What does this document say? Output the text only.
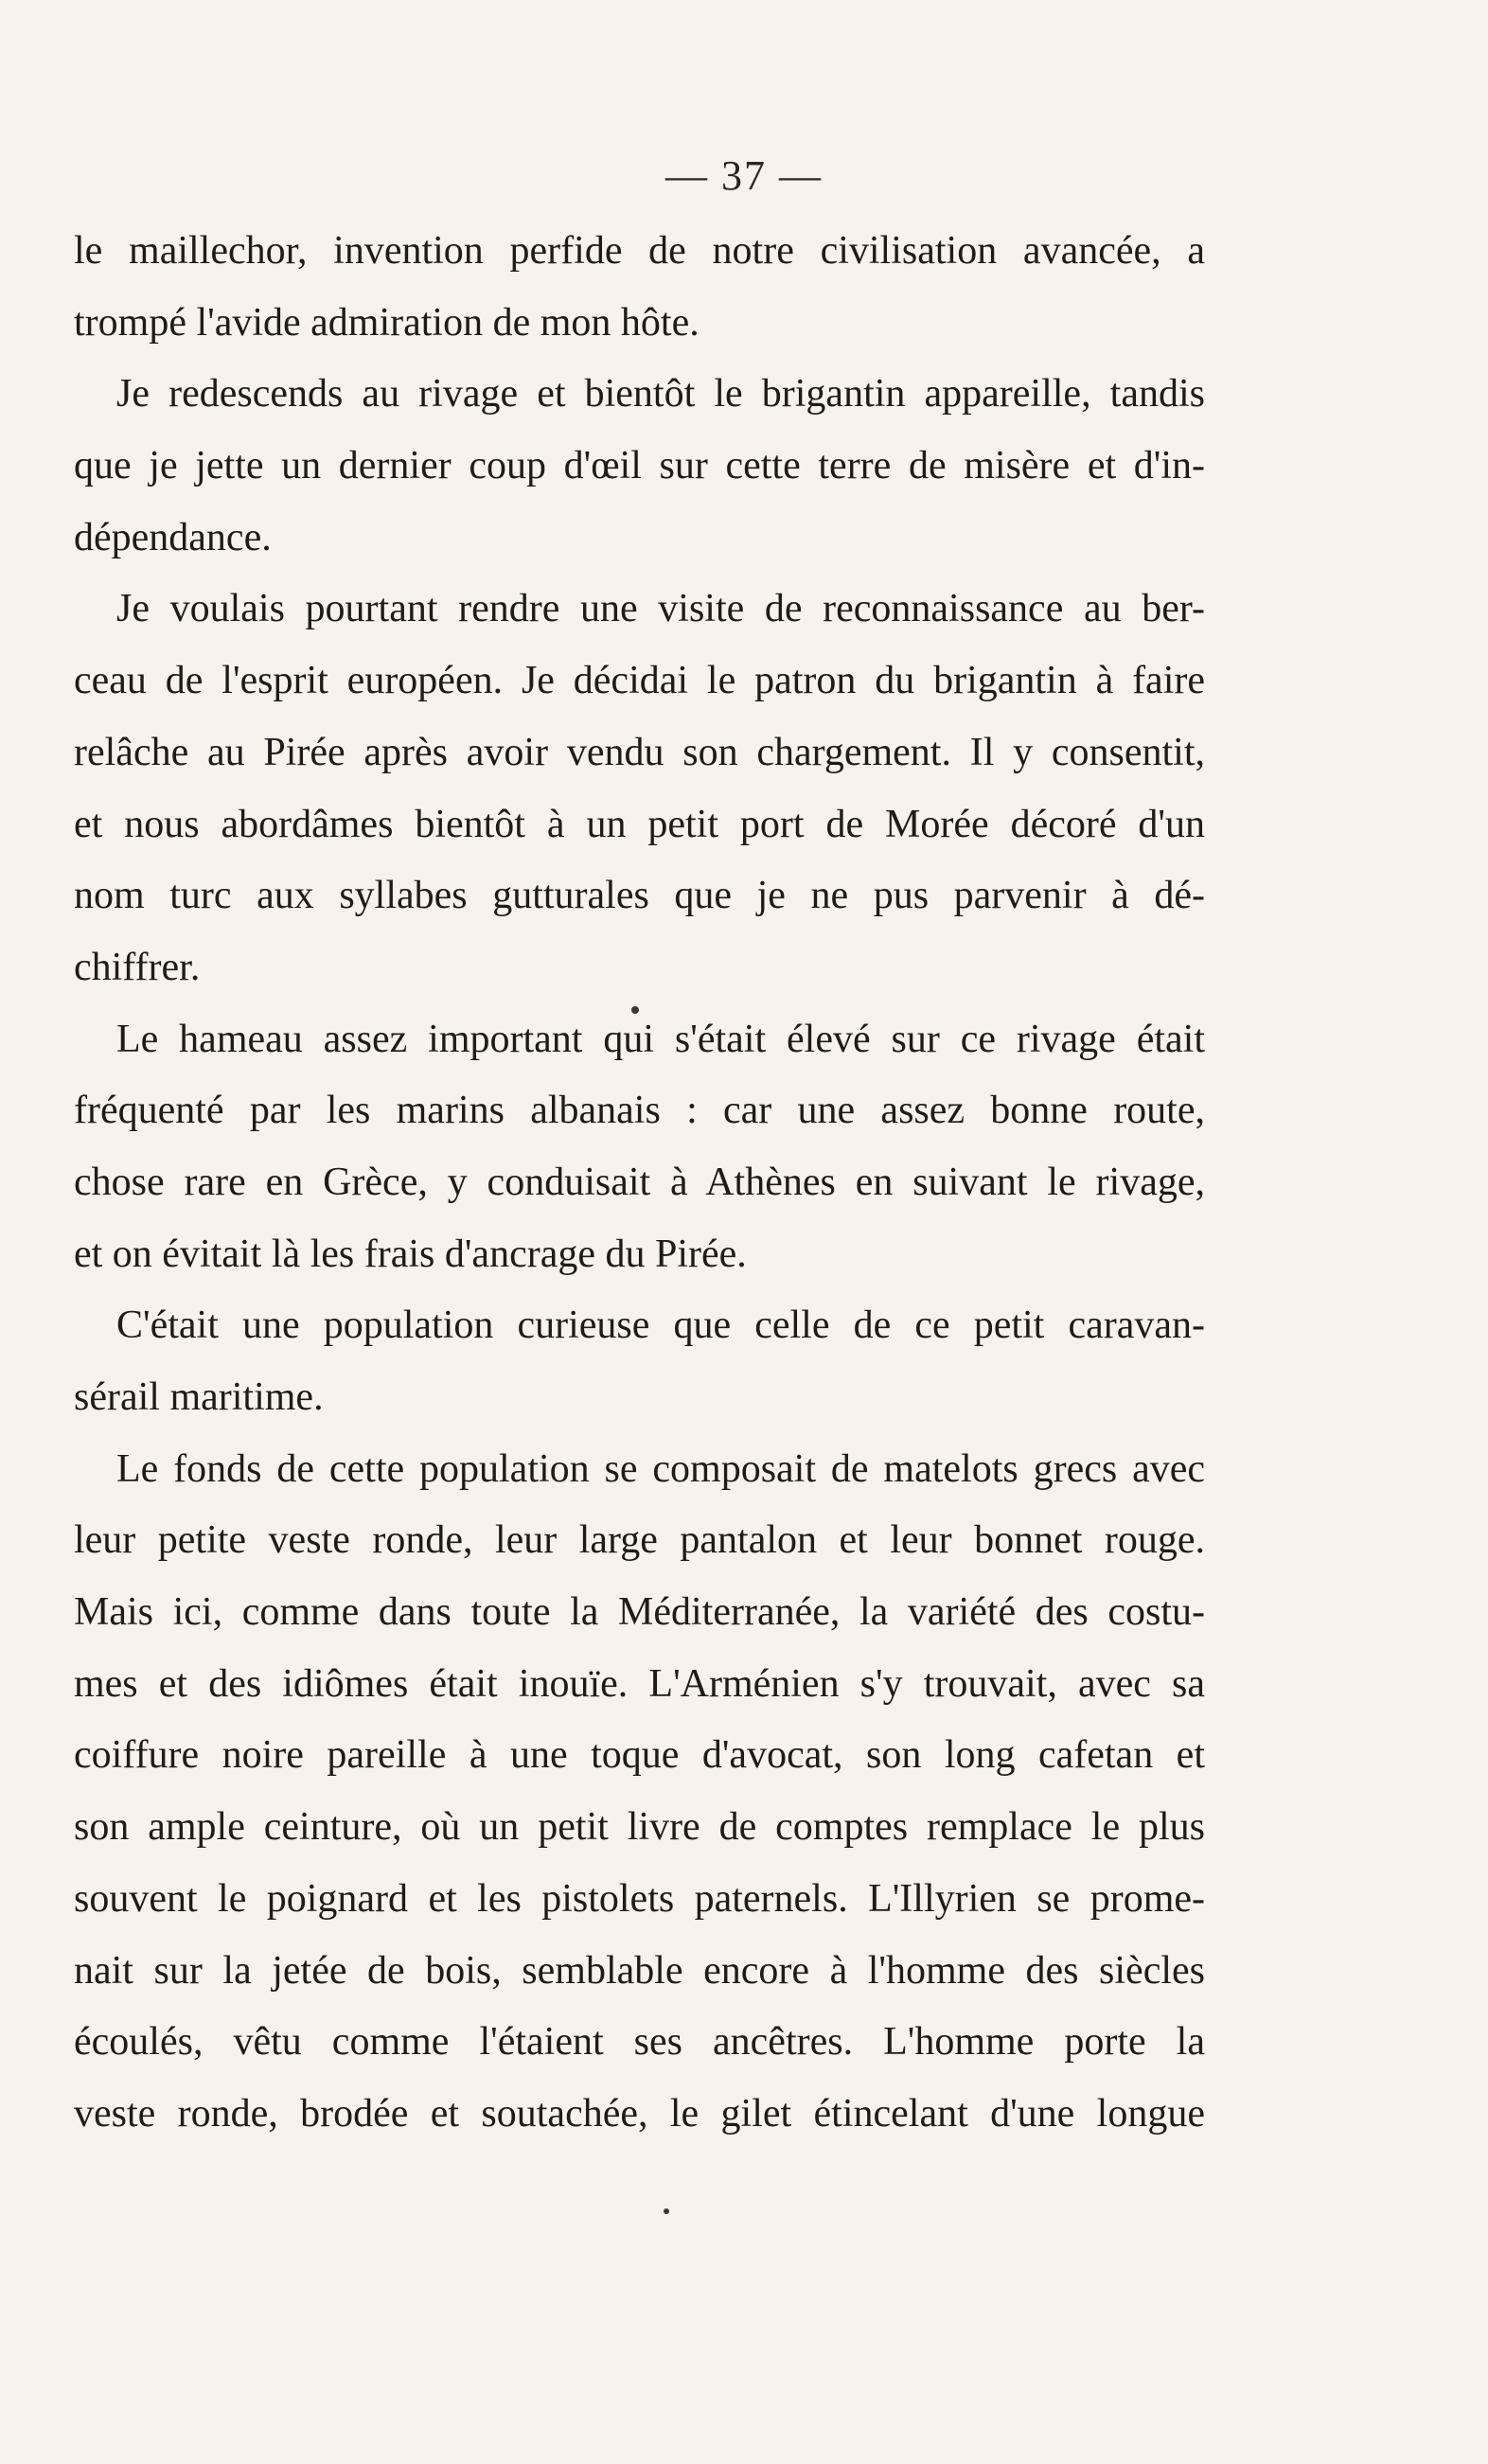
— 37 —
le maillechor, invention perfide de notre civilisation avancée, a
trompé l'avide admiration de mon hôte.
Je redescends au rivage et bientôt le brigantin appareille, tandis
que je jette un dernier coup d'œil sur cette terre de misère et d'in-
dépendance.
Je voulais pourtant rendre une visite de reconnaissance au ber-
ceau de l'esprit européen. Je décidai le patron du brigantin à faire
relâche au Pirée après avoir vendu son chargement. Il y consentit,
et nous abordâmes bientôt à un petit port de Morée décoré d'un
nom turc aux syllabes gutturales que je ne pus parvenir à dé-
chiffrer.
Le hameau assez important qui s'était élevé sur ce rivage était
fréquenté par les marins albanais : car une assez bonne route,
chose rare en Grèce, y conduisait à Athènes en suivant le rivage,
et on évitait là les frais d'ancrage du Pirée.
C'était une population curieuse que celle de ce petit caravan-
sérail maritime.
Le fonds de cette population se composait de matelots grecs avec
leur petite veste ronde, leur large pantalon et leur bonnet rouge.
Mais ici, comme dans toute la Méditerranée, la variété des costu-
mes et des idiômes était inouïe. L'Arménien s'y trouvait, avec sa
coiffure noire pareille à une toque d'avocat, son long cafetan et
son ample ceinture, où un petit livre de comptes remplace le plus
souvent le poignard et les pistolets paternels. L'Illyrien se prome-
nait sur la jetée de bois, semblable encore à l'homme des siècles
écoulés, vêtu comme l'étaient ses ancêtres. L'homme porte la
veste ronde, brodée et soutachée, le gilet étincelant d'une longue
